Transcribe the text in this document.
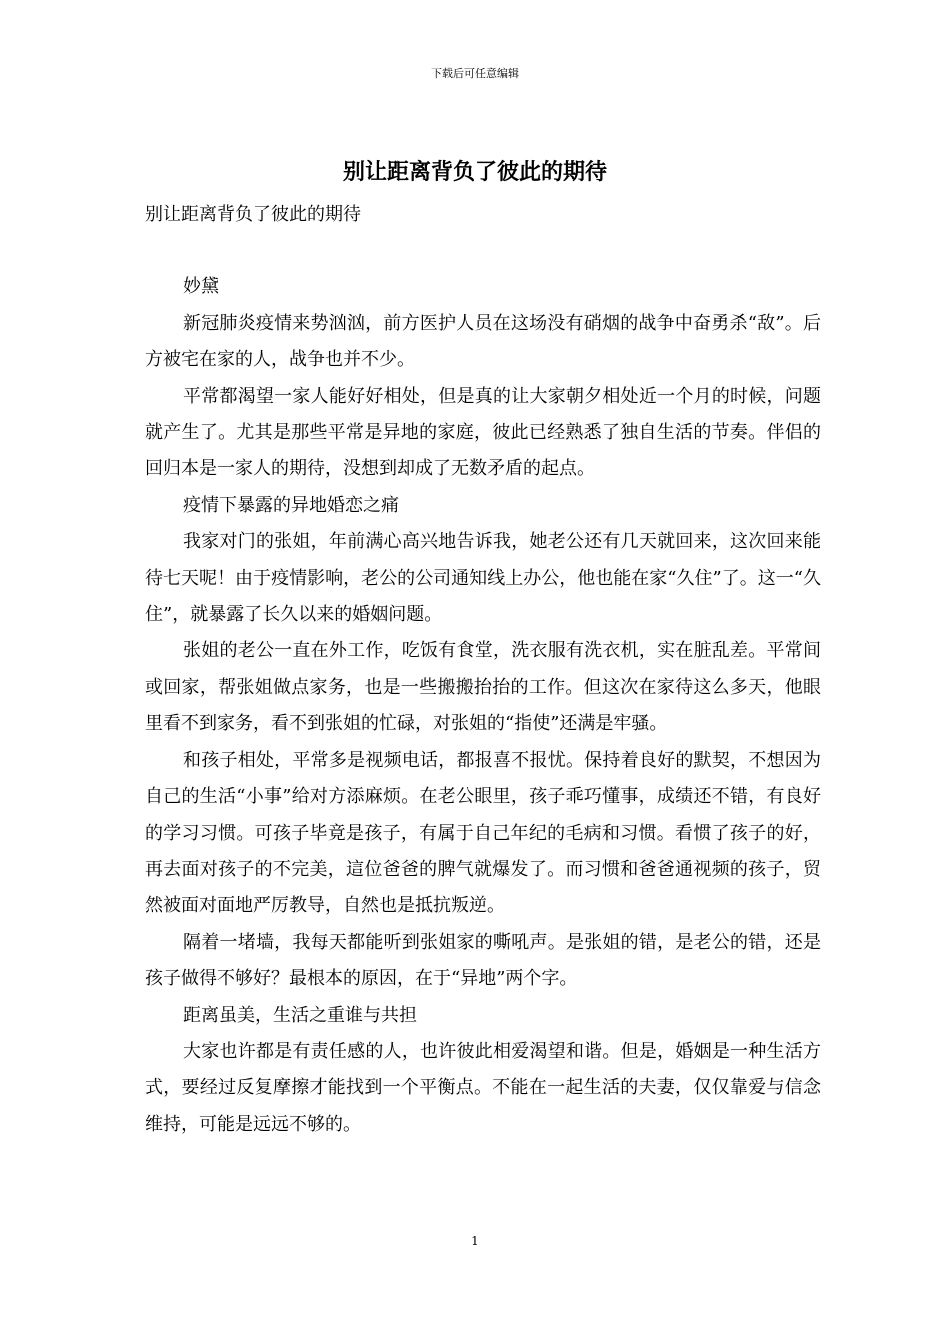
下载后可任意编辑
别让距离背负了彼此的期待

别让距离背负了彼此的期待

妙黛

新冠肺炎疫情来势汹汹，前方医护人员在这场没有硝烟的战争中奋勇杀“敌”。后方被宅在家的人，战争也并不少。

平常都渴望一家人能好好相处，但是真的让大家朝夕相处近一个月的时候，问题就产生了。尤其是那些平常是异地的家庭，彼此已经熟悉了独自生活的节奏。伴侣的回归本是一家人的期待，没想到却成了无数矛盾的起点。

疫情下暴露的异地婚恋之痛

我家对门的张姐，年前满心高兴地告诉我，她老公还有几天就回来，这次回来能待七天呢！由于疫情影响，老公的公司通知线上办公，他也能在家“久住”了。这一“久住”，就暴露了长久以来的婚姻问题。

张姐的老公一直在外工作，吃饭有食堂，洗衣服有洗衣机，实在脏乱差。平常间或回家，帮张姐做点家务，也是一些搬搬抬抬的工作。但这次在家待这么多天，他眼里看不到家务，看不到张姐的忙碌，对张姐的“指使”还满是牢骚。

和孩子相处，平常多是视频电话，都报喜不报忧。保持着良好的默契，不想因为自己的生活“小事”给对方添麻烦。在老公眼里，孩子乖巧懂事，成绩还不错，有良好的学习习惯。可孩子毕竟是孩子，有属于自己年纪的毛病和习惯。看惯了孩子的好，再去面对孩子的不完美，這位爸爸的脾气就爆发了。而习惯和爸爸通视频的孩子，贸然被面对面地严厉教导，自然也是抵抗叛逆。

隔着一堵墙，我每天都能听到张姐家的嘶吼声。是张姐的错，是老公的错，还是孩子做得不够好？最根本的原因，在于“异地”两个字。

距离虽美，生活之重谁与共担

大家也许都是有责任感的人，也许彼此相爱渴望和谐。但是，婚姻是一种生活方式，要经过反复摩擦才能找到一个平衡点。不能在一起生活的夫妻，仅仅靠爱与信念维持，可能是远远不够的。

1
